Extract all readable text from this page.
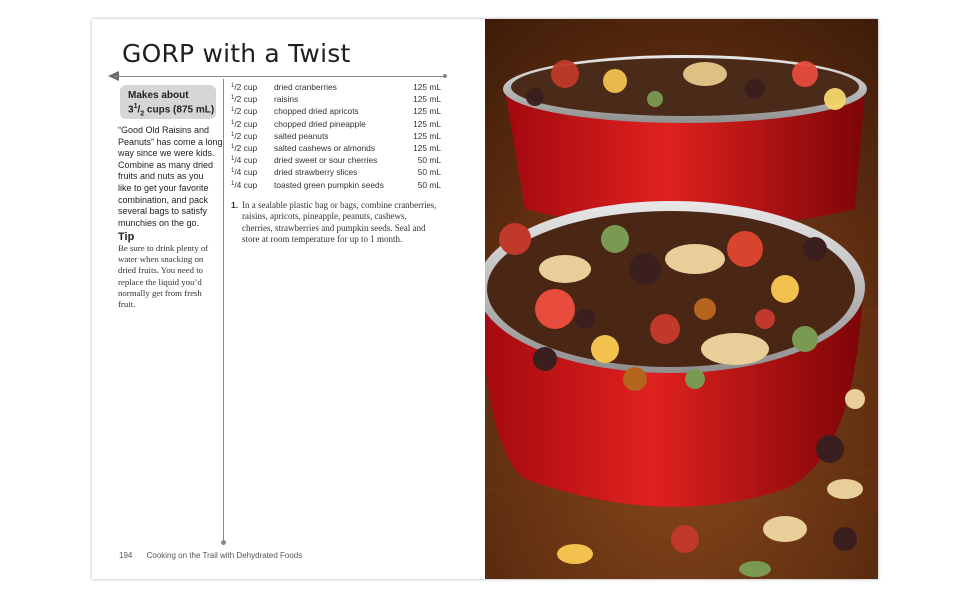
GORP with a Twist
Makes about
$3^1/_2$ cups (875 mL)
“Good Old Raisins and
Peanuts” has come a long
way since we were kids.
Combine as many dried
fruits and nuts as you
like to get your favorite
combination, and pack
several bags to satisfy
munchies on the go.
Tip
Be sure to drink plenty of
water when snacking on
dried fruits. You need to
replace the liquid you’d
normally get from fresh
fruit.
$^1$/2 cup dried cranberries	125 mL
$^1$/2 cup raisins	125 mL
$^1$/2 cup chopped dried apricots	125 mL
$^1$/2 cup chopped dried pineapple	125 mL
$^1$/2 cup salted peanuts	125 mL
$^1$/2 cup salted cashews or almonds	125 mL
$^1$/4 cup dried sweet or sour cherries	50 mL
$^1$/4 cup dried strawberry slices	50 mL
$^1$/4 cup toasted green pumpkin seeds	50 mL
1. In a sealable plastic bag or bags, combine cranberries,
raisins, apricots, pineapple, peanuts, cashews,
cherries, strawberries and pumpkin seeds. Seal and
store at room temperature for up to 1 month.
194 Cooking on the Trail with Dehydrated Foods
